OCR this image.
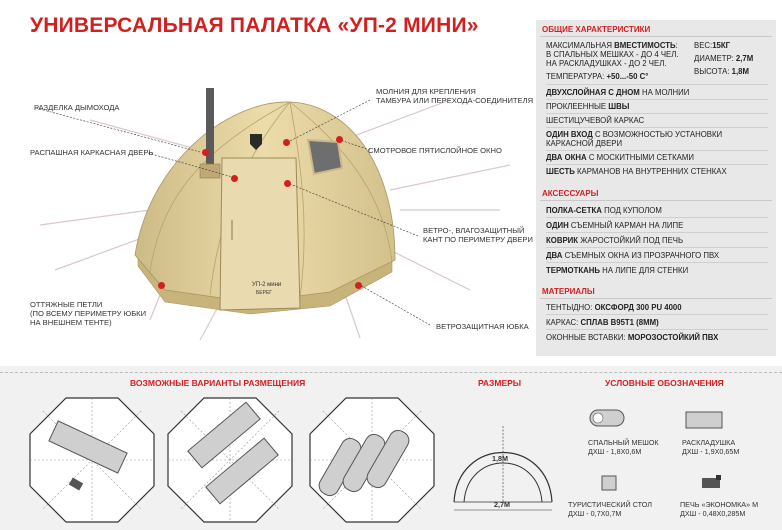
УНИВЕРСАЛЬНАЯ ПАЛАТКА «УП-2 МИНИ»
УП-2 мини
БЕРЕГ
РАЗДЕЛКА ДЫМОХОДА
РАСПАШНАЯ КАРКАСНАЯ ДВЕРЬ
МОЛНИЯ ДЛЯ КРЕПЛЕНИЯ
ТАМБУРА ИЛИ ПЕРЕХОДА-СОЕДИНИТЕЛЯ
СМОТРОВОЕ ПЯТИСЛОЙНОЕ ОКНО
ВЕТРО-, ВЛАГОЗАЩИТНЫЙ
КАНТ ПО ПЕРИМЕТРУ ДВЕРИ
ОТТЯЖНЫЕ ПЕТЛИ
(ПО ВСЕМУ ПЕРИМЕТРУ ЮБКИ
НА ВНЕШНЕМ ТЕНТЕ)	ВЕТРОЗАЩИТНАЯ ЮБКА
ОБЩИЕ ХАРАКТЕРИСТИКИ
МАКСИМАЛЬНАЯ ВМЕСТИМОСТЬ:
В СПАЛЬНЫХ МЕШКАХ - ДО 4 ЧЕЛ.
НА РАСКЛАДУШКАХ - ДО 2 ЧЕЛ.
ВЕС:15КГ
ДИАМЕТР: 2,7М
ВЫСОТА: 1,8М
ТЕМПЕРАТУРА: +50...-50 С°
ДВУХСЛОЙНАЯ С ДНОМ НА МОЛНИИ
ПРОКЛЕЕННЫЕ ШВЫ
ШЕСТИЦУЧЕВОЙ КАРКАС
ОДИН ВХОД С ВОЗМОЖНОСТЬЮ УСТАНОВКИ
КАРКАСНОЙ ДВЕРИ
ДВА ОКНА С МОСКИТНЫМИ СЕТКАМИ
ШЕСТЬ КАРМАНОВ НА ВНУТРЕННИХ СТЕНКАХ
АКСЕССУАРЫ
ПОЛКА-СЕТКА ПОД КУПОЛОМ
ОДИН СЪЕМНЫЙ КАРМАН НА ЛИПЕ
КОВРИК ЖАРОСТОЙКИЙ ПОД ПЕЧЬ
ДВА СЪЕМНЫХ ОКНА ИЗ ПРОЗРАЧНОГО ПВХ
ТЕРМОТКАНЬ НА ЛИПЕ ДЛЯ СТЕНКИ
МАТЕРИАЛЫ
ТЕНТЫДНО: ОКСФОРД 300 PU 4000
КАРКАС: СПЛАВ В95Т1 (8ММ)
ОКОННЫЕ ВСТАВКИ: МОРОЗОСТОЙКИЙ ПВХ
ВОЗМОЖНЫЕ ВАРИАНТЫ РАЗМЕЩЕНИЯ	РАЗМЕРЫ	УСЛОВНЫЕ ОБОЗНАЧЕНИЯ
1,8М
2,7М
СПАЛЬНЫЙ МЕШОК
ДХШ - 1,8Х0,6М
РАСКЛАДУШКА
ДХШ - 1,9Х0,65М
ТУРИСТИЧЕСКИЙ СТОЛ
ДХШ - 0,7Х0,7М
ПЕЧЬ «ЭКОНОМКА» М
ДХШ - 0,48Х0,285М
